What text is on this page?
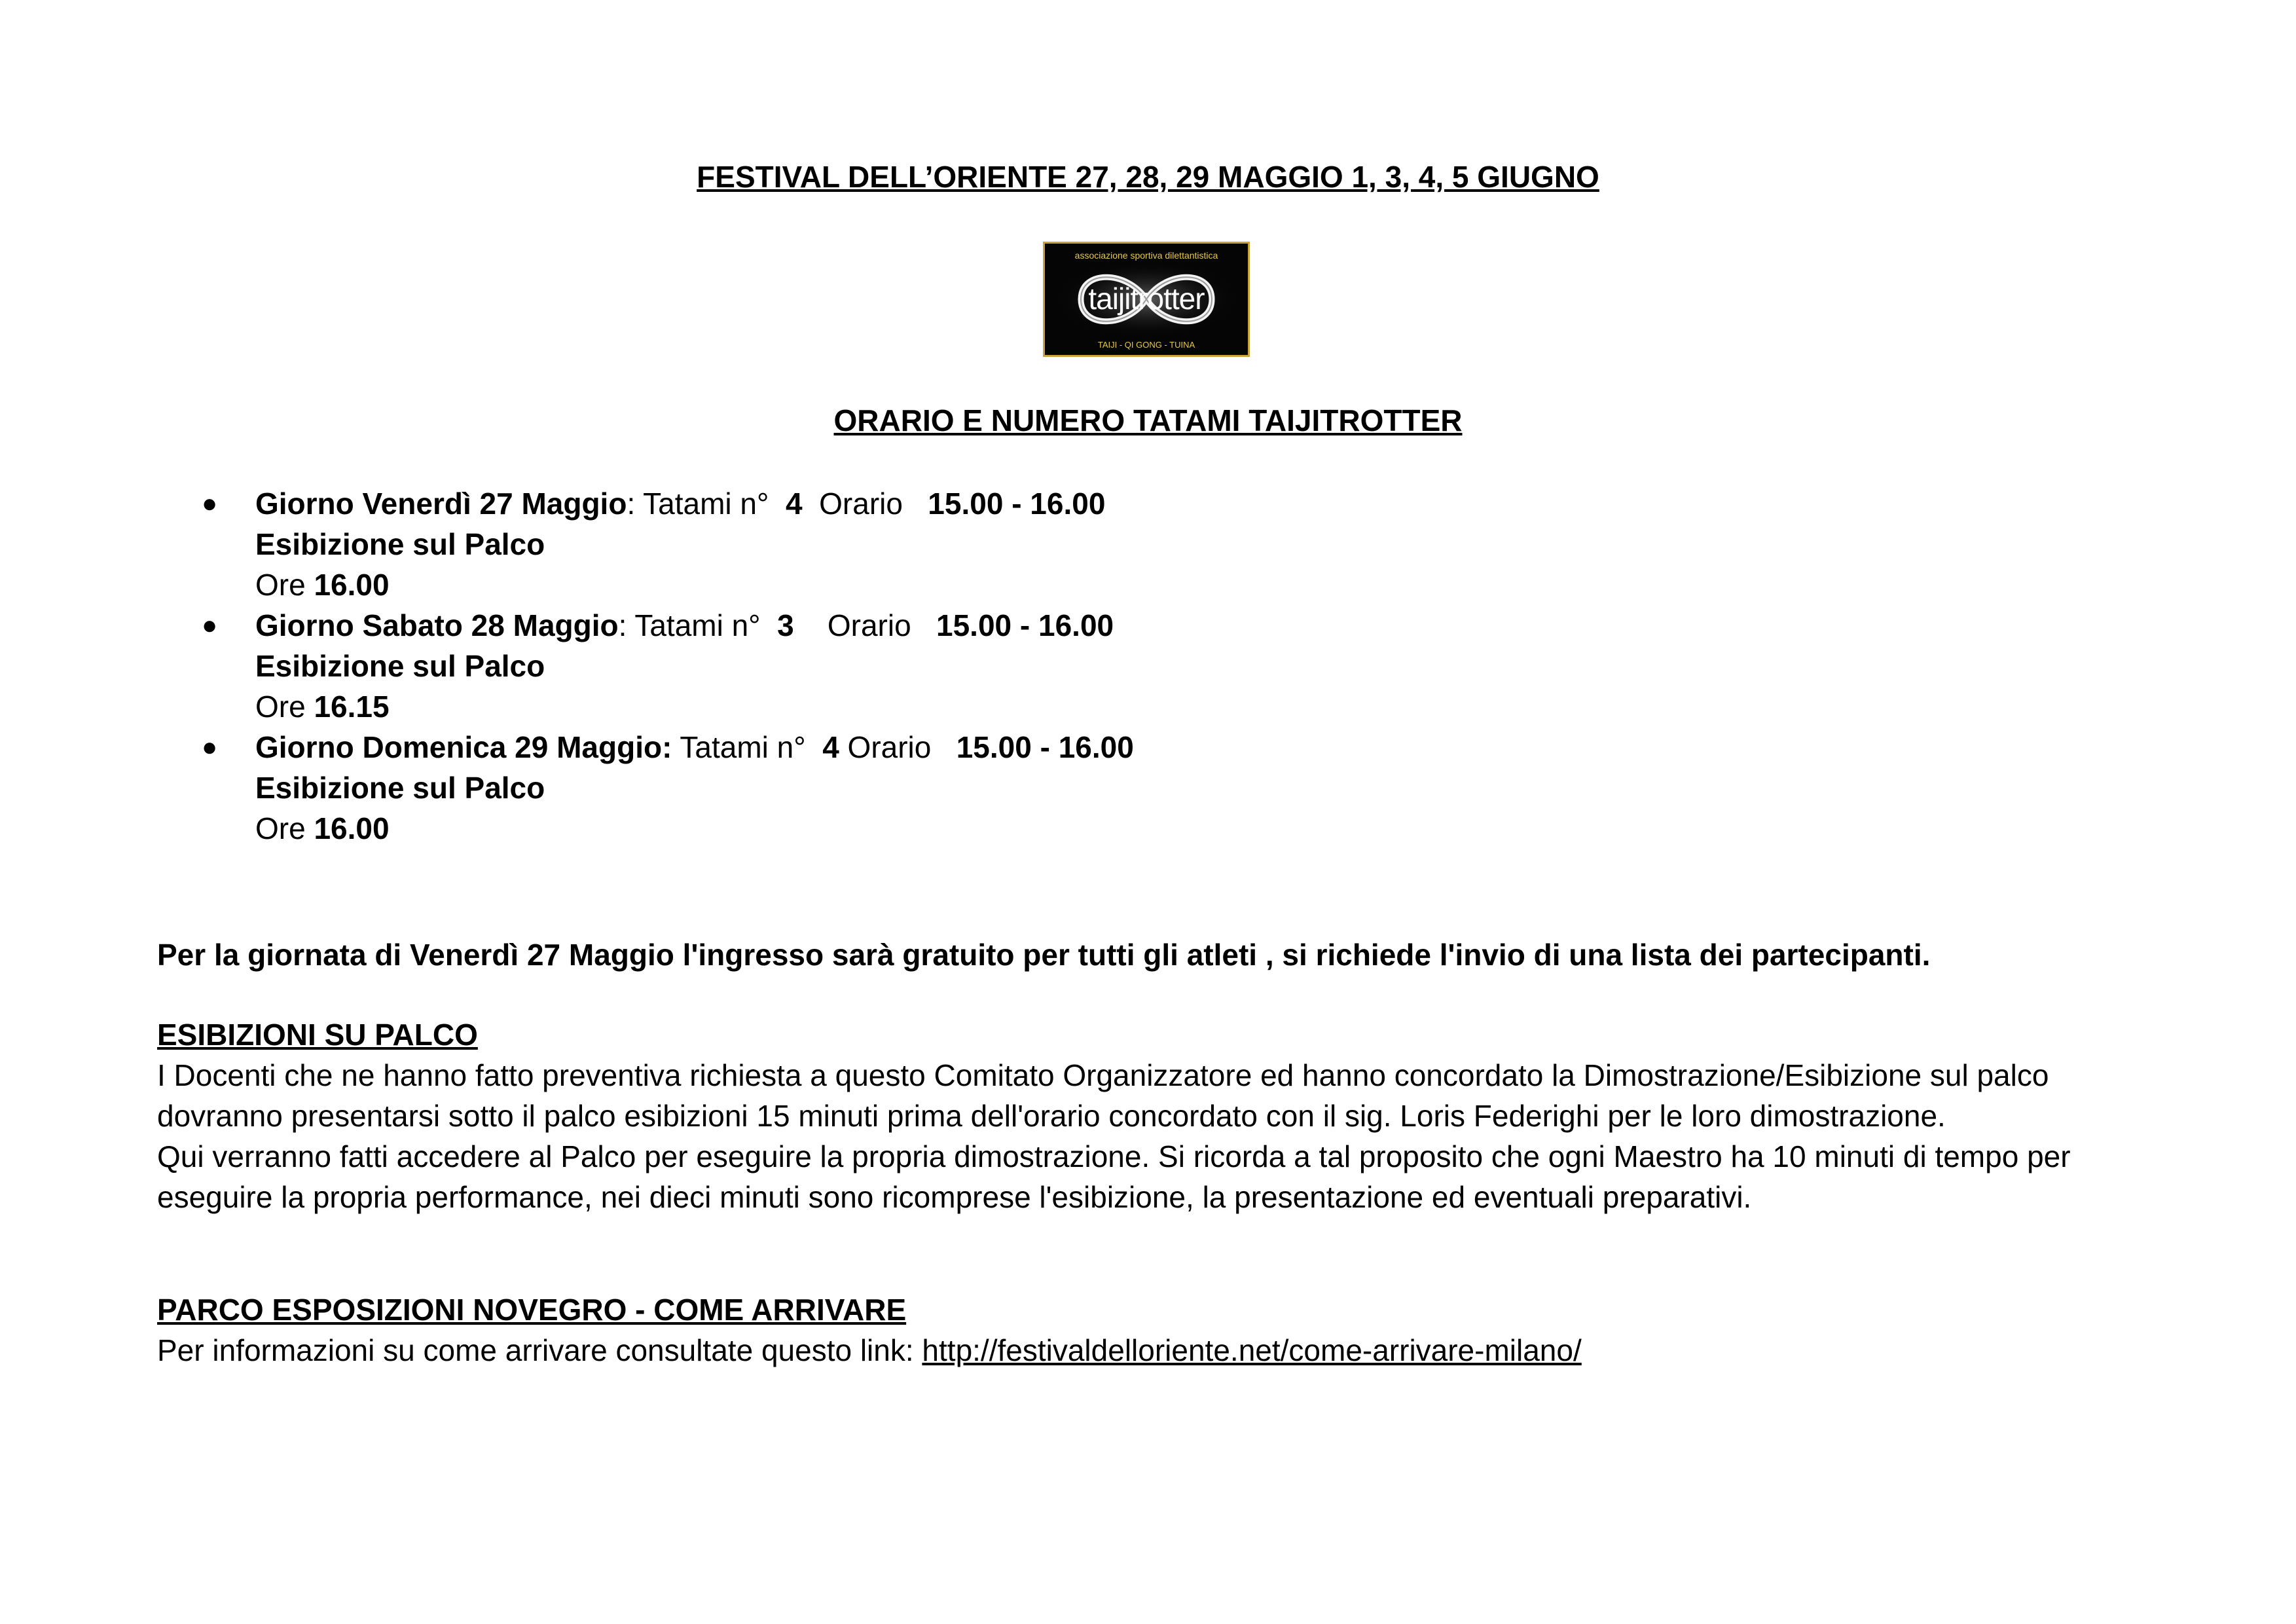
FESTIVAL DELL’ORIENTE 27, 28, 29 MAGGIO 1, 3, 4, 5 GIUGNO
associazione sportiva dilettantistica
taijitrotter
TAIJI - QI GONG - TUINA
ORARIO E NUMERO TATAMI TAIJITROTTER
●	Giorno Venerdì 27 Maggio: Tatami n°  4  Orario   15.00 - 16.00
Esibizione sul Palco
Ore 16.00
●	Giorno Sabato 28 Maggio: Tatami n°  3    Orario   15.00 - 16.00
Esibizione sul Palco
Ore 16.15
●	Giorno Domenica 29 Maggio: Tatami n°  4 Orario   15.00 - 16.00
Esibizione sul Palco
Ore 16.00

Per la giornata di Venerdì 27 Maggio l'ingresso sarà gratuito per tutti gli atleti , si richiede l'invio di una lista dei partecipanti.

ESIBIZIONI SU PALCO

I Docenti che ne hanno fatto preventiva richiesta a questo Comitato Organizzatore ed hanno concordato la Dimostrazione/Esibizione sul palco

dovranno presentarsi sotto il palco esibizioni 15 minuti prima dell'orario concordato con il sig. Loris Federighi per le loro dimostrazione.

Qui verranno fatti accedere al Palco per eseguire la propria dimostrazione. Si ricorda a tal proposito che ogni Maestro ha 10 minuti di tempo per

eseguire la propria performance, nei dieci minuti sono ricomprese l'esibizione, la presentazione ed eventuali preparativi.

PARCO ESPOSIZIONI NOVEGRO - COME ARRIVARE

Per informazioni su come arrivare consultate questo link: http://festivaldelloriente.net/come-arrivare-milano/
